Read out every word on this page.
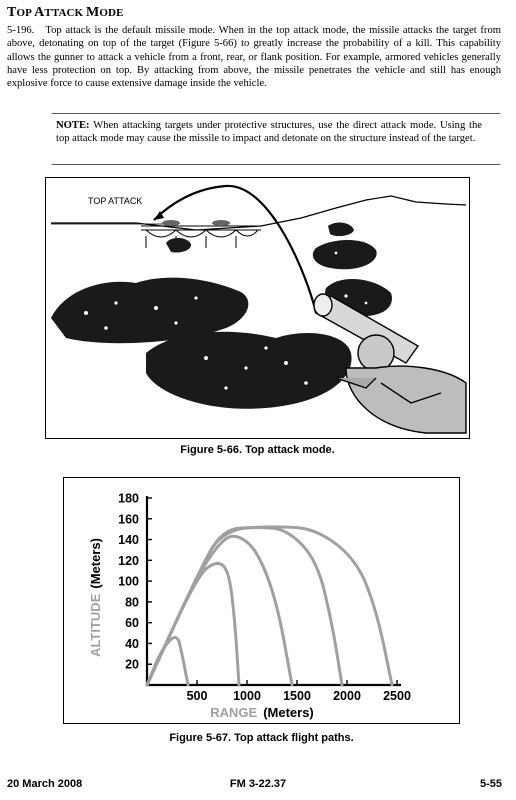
TOP ATTACK MODE
5-196. Top attack is the default missile mode. When in the top attack mode, the missile attacks the target from above, detonating on top of the target (Figure 5-66) to greatly increase the probability of a kill. This capability allows the gunner to attack a vehicle from a front, rear, or flank position. For example, armored vehicles generally have less protection on top. By attacking from above, the missile penetrates the vehicle and still has enough explosive force to cause extensive damage inside the vehicle.
NOTE: When attacking targets under protective structures, use the direct attack mode. Using the top attack mode may cause the missile to impact and detonate on the structure instead of the target.
TOP ATTACK
Figure 5-66. Top attack mode.
20
40
60
80
100
120
140
160
180
500 1000 1500 2000 2500
RANGE (Meters)
ALTITUDE(Meters)
Figure 5-67. Top attack flight paths.
20 March 2008	FM 3-22.37	5-55
